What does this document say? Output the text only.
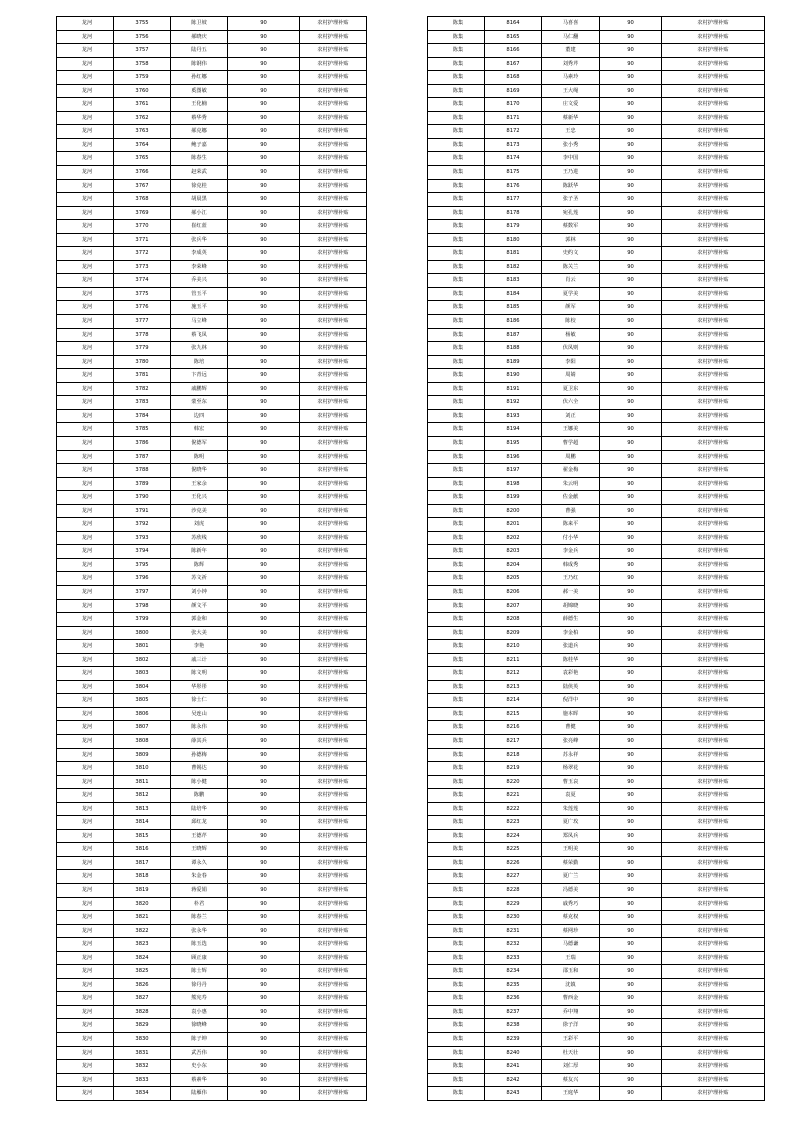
龙河	3755	陈卫坡	90	农村护理补贴
龙河	3756	郝晓庆	90	农村护理补贴
龙河	3757	陆丹五	90	农村护理补贴
龙河	3758	陈钢伟	90	农村护理补贴
龙河	3759	孙红娜	90	农村护理补贴
龙河	3760	奚图敏	90	农村护理补贴
龙河	3761	王化楠	90	农村护理补贴
龙河	3762	蔡华秀	90	农村护理补贴
龙河	3763	郝克娜	90	农村护理补贴
龙河	3764	鲍子嘉	90	农村护理补贴
龙河	3765	陈春生	90	农村护理补贴
龙河	3766	赵荣武	90	农村护理补贴
龙河	3767	徐克桂	90	农村护理补贴
龙河	3768	胡晨黑	90	农村护理补贴
龙河	3769	郝小江	90	农村护理补贴
龙河	3770	崔红蓝	90	农村护理补贴
龙河	3771	张兵华	90	农村护理补贴
龙河	3772	李成英	90	农村护理补贴
龙河	3773	李荣峰	90	农村护理补贴
龙河	3774	乔美兴	90	农村护理补贴
龙河	3775	管玉平	90	农村护理补贴
龙河	3776	施玉平	90	农村护理补贴
龙河	3777	马立峰	90	农村护理补贴
龙河	3778	蔡飞凤	90	农村护理补贴
龙河	3779	张九林	90	农村护理补贴
龙河	3780	陈培	90	农村护理补贴
龙河	3781	卞青远	90	农村护理补贴
龙河	3782	戚鹏辉	90	农村护理补贴
龙河	3783	蒙至东	90	农村护理补贴
龙河	3784	边四	90	农村护理补贴
龙河	3785	韩宏	90	农村护理补贴
龙河	3786	倪德军	90	农村护理补贴
龙河	3787	陈明	90	农村护理补贴
龙河	3788	倪晓华	90	农村护理补贴
龙河	3789	王家余	90	农村护理补贴
龙河	3790	王化兴	90	农村护理补贴
龙河	3791	沙克美	90	农村护理补贴
龙河	3792	刘虎	90	农村护理补贴
龙河	3793	苏欣线	90	农村护理补贴
龙河	3794	陈新年	90	农村护理补贴
龙河	3795	陈辉	90	农村护理补贴
龙河	3796	苏文祈	90	农村护理补贴
龙河	3797	刘小钟	90	农村护理补贴
龙河	3798	颜文平	90	农村护理补贴
龙河	3799	郭金和	90	农村护理补贴
龙河	3800	张大美	90	农村护理补贴
龙河	3801	李艳	90	农村护理补贴
龙河	3802	戚三计	90	农村护理补贴
龙河	3803	陈文明	90	农村护理补贴
龙河	3804	华彤彤	90	农村护理补贴
龙河	3805	徐士仁	90	农村护理补贴
龙河	3806	吴连山	90	农村护理补贴
龙河	3807	陈永伟	90	农村护理补贴
龙河	3808	薛其兵	90	农村护理补贴
龙河	3809	孙德梅	90	农村护理补贴
龙河	3810	曹锡达	90	农村护理补贴
龙河	3811	陈小健	90	农村护理补贴
龙河	3812	陈鹏	90	农村护理补贴
龙河	3813	陆培华	90	农村护理补贴
龙河	3814	邱红龙	90	农村护理补贴
龙河	3815	王德芹	90	农村护理补贴
龙河	3816	王晓辉	90	农村护理补贴
龙河	3817	谭永久	90	农村护理补贴
龙河	3818	朱金春	90	农村护理补贴
龙河	3819	蒋爱娟	90	农村护理补贴
龙河	3820	朴君	90	农村护理补贴
龙河	3821	陈春兰	90	农村护理补贴
龙河	3822	张永华	90	农村护理补贴
龙河	3823	陈玉选	90	农村护理补贴
龙河	3824	顾正康	90	农村护理补贴
龙河	3825	陈士辉	90	农村护理补贴
龙河	3826	徐丹丹	90	农村护理补贴
龙河	3827	熊宪寿	90	农村护理补贴
龙河	3828	袁小惠	90	农村护理补贴
龙河	3829	徐晓峰	90	农村护理补贴
龙河	3830	陈子坤	90	农村护理补贴
龙河	3831	武吾伟	90	农村护理补贴
龙河	3832	史小东	90	农村护理补贴
龙河	3833	蔡素华	90	农村护理补贴
龙河	3834	陆雁伟	90	农村护理补贴
陈集	8164	马喜喜	90	农村护理补贴
陈集	8165	马仁翻	90	农村护理补贴
陈集	8166	董建	90	农村护理补贴
陈集	8167	刘秀芹	90	农村护理补贴
陈集	8168	马素玲	90	农村护理补贴
陈集	8169	王大绳	90	农村护理补贴
陈集	8170	庄文爱	90	农村护理补贴
陈集	8171	蔡新华	90	农村护理补贴
陈集	8172	王忠	90	农村护理补贴
陈集	8173	张小秀	90	农村护理补贴
陈集	8174	李中国	90	农村护理补贴
陈集	8175	王乃进	90	农村护理补贴
陈集	8176	陈跃华	90	农村护理补贴
陈集	8177	张子圣	90	农村护理补贴
陈集	8178	宛孔莲	90	农村护理补贴
陈集	8179	蔡数军	90	农村护理补贴
陈集	8180	郭林	90	农村护理补贴
陈集	8181	史约文	90	农村护理补贴
陈集	8182	陈关兰	90	农村护理补贴
陈集	8183	肖云	90	农村护理补贴
陈集	8184	夏学美	90	农村护理补贴
陈集	8185	颜军	90	农村护理补贴
陈集	8186	陈校	90	农村护理补贴
陈集	8187	杨敏	90	农村护理补贴
陈集	8188	伏凤则	90	农村护理补贴
陈集	8189	李阳	90	农村护理补贴
陈集	8190	周婧	90	农村护理补贴
陈集	8191	夏卫东	90	农村护理补贴
陈集	8192	伏六全	90	农村护理补贴
陈集	8193	刘正	90	农村护理补贴
陈集	8194	王娜美	90	农村护理补贴
陈集	8195	曹学超	90	农村护理补贴
陈集	8196	周鹏	90	农村护理补贴
陈集	8197	翟金梅	90	农村护理补贴
陈集	8198	朱云明	90	农村护理补贴
陈集	8199	佐金献	90	农村护理补贴
陈集	8200	曹强	90	农村护理补贴
陈集	8201	陈来平	90	农村护理补贴
陈集	8202	付小华	90	农村护理补贴
陈集	8203	李金兵	90	农村护理补贴
陈集	8204	韩成秀	90	农村护理补贴
陈集	8205	王乃红	90	农村护理补贴
陈集	8206	郝一美	90	农村护理补贴
陈集	8207	胡锦晓	90	农村护理补贴
陈集	8208	薛德生	90	农村护理补贴
陈集	8209	李金柏	90	农村护理补贴
陈集	8210	张道兵	90	农村护理补贴
陈集	8211	陈桂华	90	农村护理补贴
陈集	8212	袁彩艳	90	农村护理补贴
陈集	8213	陆侠英	90	农村护理补贴
陈集	8214	倪洋中	90	农村护理补贴
陈集	8215	施本晖	90	农村护理补贴
陈集	8216	曹健	90	农村护理补贴
陈集	8217	张亮峰	90	农村护理补贴
陈集	8218	苏永祥	90	农村护理补贴
陈集	8219	杨翠花	90	农村护理补贴
陈集	8220	曹玉哀	90	农村护理补贴
陈集	8221	袁夏	90	农村护理补贴
陈集	8222	朱莲莲	90	农村护理补贴
陈集	8223	夏广玫	90	农村护理补贴
陈集	8224	郑凤兵	90	农村护理补贴
陈集	8225	王明美	90	农村护理补贴
陈集	8226	蔡荣勤	90	农村护理补贴
陈集	8227	夏广兰	90	农村护理补贴
陈集	8228	冯德美	90	农村护理补贴
陈集	8229	戚秀巧	90	农村护理补贴
陈集	8230	蔡克权	90	农村护理补贴
陈集	8231	蔡网珍	90	农村护理补贴
陈集	8232	马德谦	90	农村护理补贴
陈集	8233	王瑞	90	农村护理补贴
陈集	8234	邵玉和	90	农村护理补贴
陈集	8235	沈镇	90	农村护理补贴
陈集	8236	曹西金	90	农村护理补贴
陈集	8237	乔中翔	90	农村护理补贴
陈集	8238	徐子洋	90	农村护理补贴
陈集	8239	王彩平	90	农村护理补贴
陈集	8240	杜天壮	90	农村护理补贴
陈集	8241	刘仁厚	90	农村护理补贴
陈集	8242	蔡友兴	90	农村护理补贴
陈集	8243	王庭华	90	农村护理补贴
